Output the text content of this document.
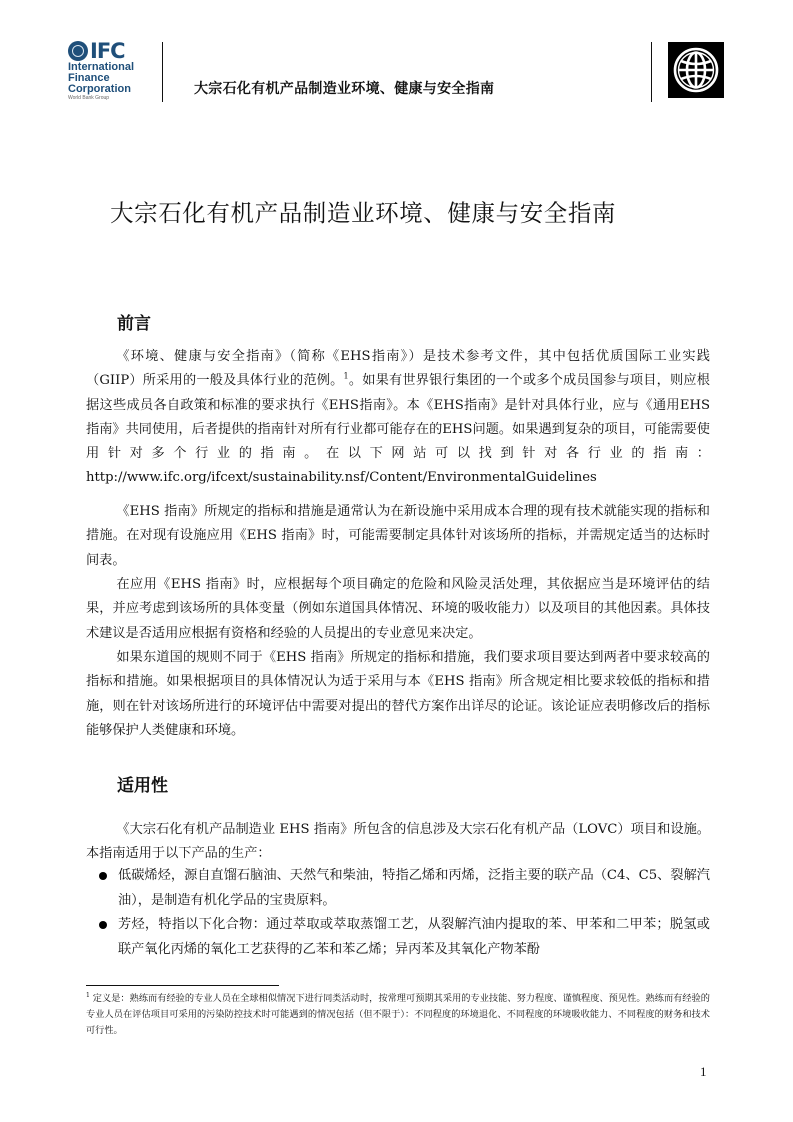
IFC
International
Finance
Corporation
World Bank Group
大宗石化有机产品制造业环境、健康与安全指南
大宗石化有机产品制造业环境、健康与安全指南
前言
《环境、健康与安全指南》（简称《EHS指南》）是技术参考文件，其中包括优质国际工业实践（GIIP）所采用的一般及具体行业的范例。$^1$。如果有世界银行集团的一个或多个成员国参与项目，则应根据这些成员各自政策和标准的要求执行《EHS指南》。本《EHS指南》是针对具体行业，应与《通用EHS指南》共同使用，后者提供的指南针对所有行业都可能存在的EHS问题。如果遇到复杂的项目，可能需要使用针对多个行业的指南。在以下网站可以找到针对各行业的指南：http://www.ifc.org/ifcext/sustainability.nsf/Content/EnvironmentalGuidelines
《EHS 指南》所规定的指标和措施是通常认为在新设施中采用成本合理的现有技术就能实现的指标和措施。在对现有设施应用《EHS 指南》时，可能需要制定具体针对该场所的指标，并需规定适当的达标时间表。
在应用《EHS 指南》时，应根据每个项目确定的危险和风险灵活处理，其依据应当是环境评估的结果，并应考虑到该场所的具体变量（例如东道国具体情况、环境的吸收能力）以及项目的其他因素。具体技术建议是否适用应根据有资格和经验的人员提出的专业意见来决定。
如果东道国的规则不同于《EHS 指南》所规定的指标和措施，我们要求项目要达到两者中要求较高的指标和措施。如果根据项目的具体情况认为适于采用与本《EHS 指南》所含规定相比要求较低的指标和措施，则在针对该场所进行的环境评估中需要对提出的替代方案作出详尽的论证。该论证应表明修改后的指标能够保护人类健康和环境。
适用性
《大宗石化有机产品制造业 EHS 指南》所包含的信息涉及大宗石化有机产品（LOVC）项目和设施。本指南适用于以下产品的生产：
低碳烯烃，源自直馏石脑油、天然气和柴油，特指乙烯和丙烯，泛指主要的联产品（C4、C5、裂解汽油），是制造有机化学品的宝贵原料。
芳烃，特指以下化合物：通过萃取或萃取蒸馏工艺，从裂解汽油内提取的苯、甲苯和二甲苯；脱氢或联产氧化丙烯的氧化工艺获得的乙苯和苯乙烯；异丙苯及其氧化产物苯酚
$^1$ 定义是：熟练而有经验的专业人员在全球相似情况下进行同类活动时，按常理可预期其采用的专业技能、努力程度、谨慎程度、预见性。熟练而有经验的专业人员在评估项目可采用的污染防控技术时可能遇到的情况包括（但不限于）：不同程度的环境退化、不同程度的环境吸收能力、不同程度的财务和技术可行性。
1
